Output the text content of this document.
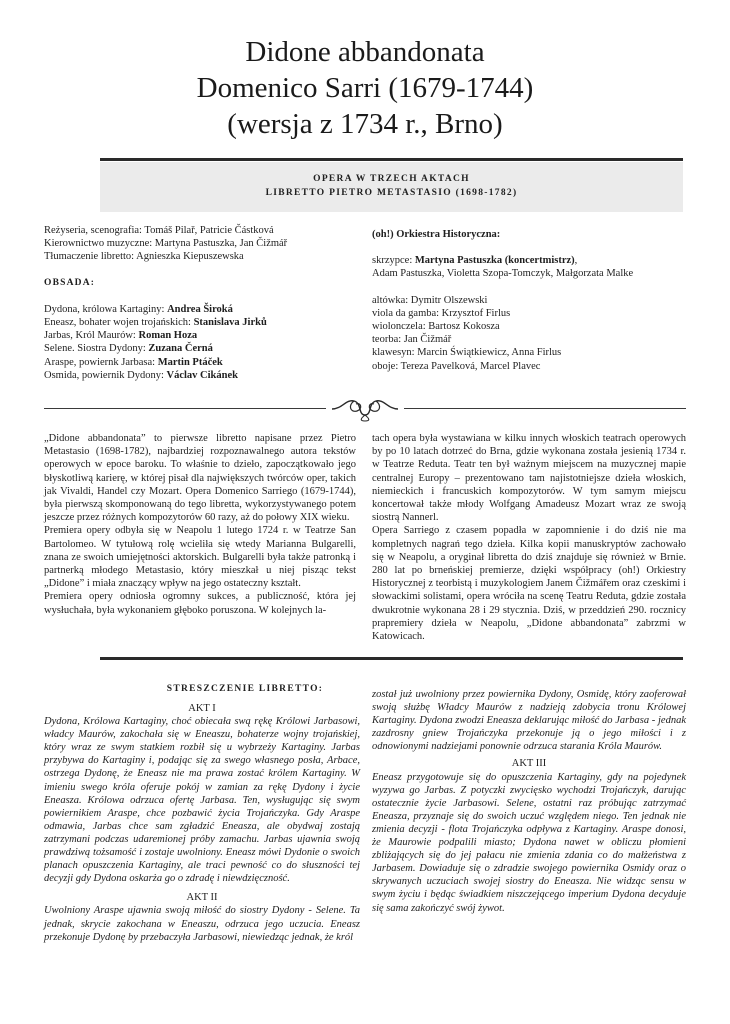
Didone abbandonata
Domenico Sarri (1679-1744)
(wersja z 1734 r., Brno)
OPERA W TRZECH AKTACH
LIBRETTO PIETRO METASTASIO (1698-1782)

Reżyseria, scenografia: Tomáš Pilař, Patricie Částková

Kierownictwo muzyczne: Martyna Pastuszka, Jan Čižmář

Tłumaczenie libretto: Agnieszka Kiepuszewska

OBSADA:

Dydona, królowa Kartaginy: Andrea Široká

Eneasz, bohater wojen trojańskich: Stanislava Jirků

Jarbas, Król Maurów: Roman Hoza

Selene. Siostra Dydony: Zuzana Černá

Araspe, powiernk Jarbasa: Martin Ptáček

Osmida, powiernik Dydony: Václav Cikánek

(oh!) Orkiestra Historyczna:

skrzypce: Martyna Pastuszka (koncertmistrz),

Adam Pastuszka, Violetta Szopa-Tomczyk, Małgorzata Malke

altówka: Dymitr Olszewski

viola da gamba: Krzysztof Firlus

wiolonczela: Bartosz Kokosza

teorba: Jan Čižmář

klawesyn: Marcin Świątkiewicz, Anna Firlus

oboje: Tereza Pavelková, Marcel Plavec

„Didone abbandonata” to pierwsze libretto napisane przez Pietro Metastasio (1698-1782), najbardziej rozpoznawalnego autora tekstów operowych w epoce baroku. To właśnie to dzieło, zapoczątkowało jego błyskotliwą karierę, w której pisał dla największych twórców oper, takich jak Vivaldi, Handel czy Mozart. Opera Domenico Sarriego (1679-1744), była pierwszą skomponowaną do tego libretta, wykorzystywanego potem jeszcze przez różnych kompozytorów 60 razy, aż do połowy XIX wieku.

Premiera opery odbyła się w Neapolu 1 lutego 1724 r. w Teatrze San Bartolomeo. W tytułową rolę wcieliła się wtedy Marianna Bulgarelli, znana ze swoich umiejętności aktorskich. Bulgarelli była także patronką i partnerką młodego Metastasio, który mieszkał u niej pisząc tekst „Didone” i miała znaczący wpływ na jego ostateczny kształt.

Premiera opery odniosła ogromny sukces, a publiczność, która jej wysłuchała, była wykonaniem głęboko poruszona. W kolejnych la-

tach opera była wystawiana w kilku innych włoskich teatrach operowych by po 10 latach dotrzeć do Brna, gdzie wykonana została jesienią 1734 r. w Teatrze Reduta. Teatr ten był ważnym miejscem na muzycznej mapie centralnej Europy – prezentowano tam najistotniejsze dzieła włoskich, niemieckich i francuskich kompozytorów. W tym samym miejscu koncertował także młody Wolfgang Amadeusz Mozart wraz ze swoją siostrą Nannerl.

Opera Sarriego z czasem popadła w zapomnienie i do dziś nie ma kompletnych nagrań tego dzieła. Kilka kopii manuskryptów zachowało się w Neapolu, a oryginał libretta do dziś znajduje się również w Brnie. 280 lat po brneńskiej premierze, dzięki współpracy (oh!) Orkiestry Historycznej z teorbistą i muzykologiem Janem Čižmářem oraz czeskimi i słowackimi solistami, opera wróciła na scenę Teatru Reduta, gdzie została dwukrotnie wykonana 28 i 29 stycznia. Dziś, w przeddzień 290. rocznicy prapremiery dzieła w Neapolu, „Didone abbandonata” zabrzmi w Katowicach.

STRESZCZENIE LIBRETTO:

AKT I

Dydona, Królowa Kartaginy, choć obiecała swą rękę Królowi Jarbasowi, władcy Maurów, zakochała się w Eneaszu, bohaterze wojny trojańskiej, który wraz ze swym statkiem rozbił się u wybrzeży Kartaginy. Jarbas przybywa do Kartaginy i, podając się za swego własnego posła, Arbace, ostrzega Dydonę, że Eneasz nie ma prawa zostać królem Kartaginy. W imieniu swego króla oferuje pokój w zamian za rękę Dydony i życie Eneasza. Królowa odrzuca ofertę Jarbasa. Ten, wysługując się swym powiernikiem Araspe, chce pozbawić życia Trojańczyka. Gdy Araspe odmawia, Jarbas chce sam zgładzić Eneasza, ale obydwaj zostają zatrzymani podczas udaremionej próby zamachu. Jarbas ujawnia swoją prawdziwą tożsamość i zostaje uwolniony. Eneasz mówi Dydonie o swoich planach opuszczenia Kartaginy, ale traci pewność co do słuszności tej decyzji gdy Dydona oskarża go o zdradę i niewdzięczność.

AKT II

Uwolniony Araspe ujawnia swoją miłość do siostry Dydony - Selene. Ta jednak, skrycie zakochana w Eneaszu, odrzuca jego uczucia. Eneasz przekonuje Dydonę by przebaczyła Jarbasowi, niewiedząc jednak, że król

został już uwolniony przez powiernika Dydony, Osmidę, który zaoferował swoją służbę Władcy Maurów z nadzieją zdobycia tronu Królowej Kartaginy. Dydona zwodzi Eneasza deklarując miłość do Jarbasa - jednak zazdrosny gniew Trojańczyka przekonuje ją o jego miłości i z odnowionymi nadziejami ponownie odrzuca starania Króla Maurów.

AKT III

Eneasz przygotowuje się do opuszczenia Kartaginy, gdy na pojedynek wyzywa go Jarbas. Z potyczki zwycięsko wychodzi Trojańczyk, darując ostatecznie życie Jarbasowi. Selene, ostatni raz próbując zatrzymać Eneasza, przyznaje się do swoich uczuć względem niego. Ten jednak nie zmienia decyzji - flota Trojańczyka odpływa z Kartaginy. Araspe donosi, że Maurowie podpalili miasto; Dydona nawet w obliczu płomieni zbliżających się do jej pałacu nie zmienia zdania co do małżeństwa z Jarbasem. Dowiaduje się o zdradzie swojego powiernika Osmidy oraz o skrywanych uczuciach swojej siostry do Eneasza. Nie widząc sensu w swym życiu i będąc świadkiem niszczejącego imperium Dydona decyduje się sama zakończyć swój żywot.
